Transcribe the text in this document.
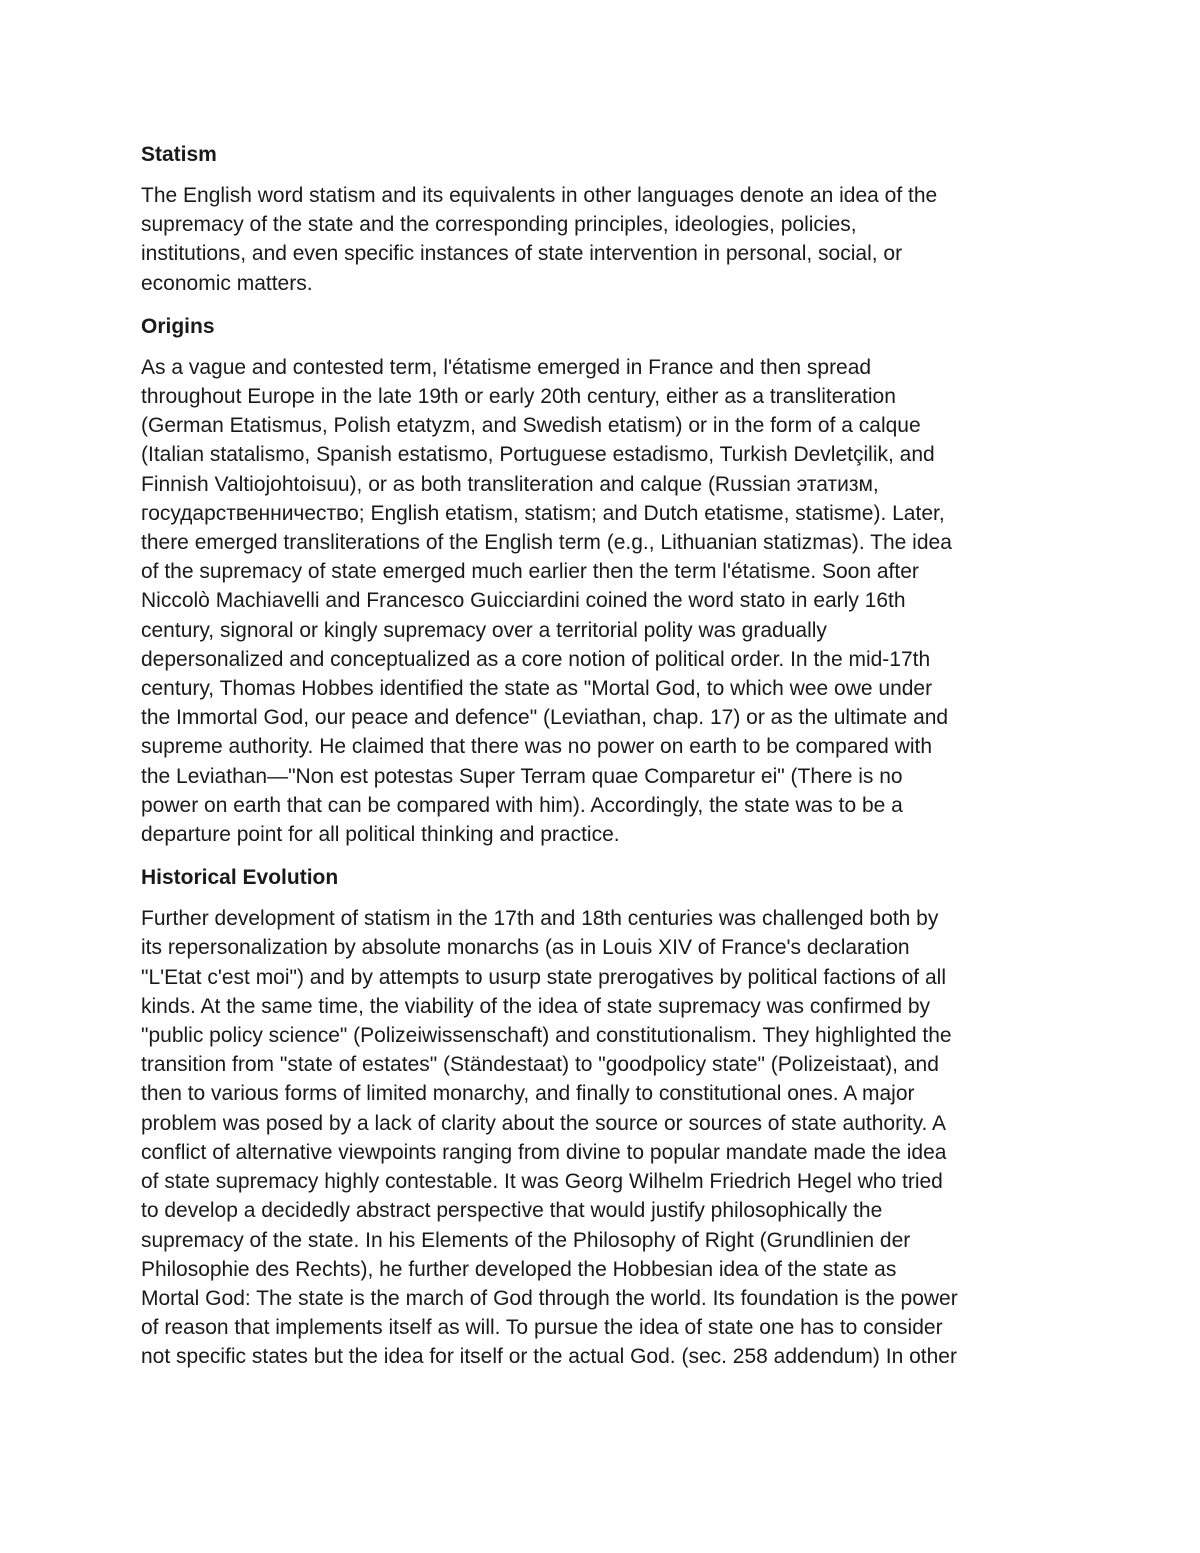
Statism

The English word statism and its equivalents in other languages denote an idea of the
supremacy of the state and the corresponding principles, ideologies, policies,
institutions, and even specific instances of state intervention in personal, social, or
economic matters.

Origins

As a vague and contested term, l'étatisme emerged in France and then spread
throughout Europe in the late 19th or early 20th century, either as a transliteration
(German Etatismus, Polish etatyzm, and Swedish etatism) or in the form of a calque
(Italian statalismo, Spanish estatismo, Portuguese estadismo, Turkish Devletçilik, and
Finnish Valtiojohtoisuu), or as both transliteration and calque (Russian этатизм,
государственничество; English etatism, statism; and Dutch etatisme, statisme). Later,
there emerged transliterations of the English term (e.g., Lithuanian statizmas). The idea
of the supremacy of state emerged much earlier then the term l'étatisme. Soon after
Niccolò Machiavelli and Francesco Guicciardini coined the word stato in early 16th
century, signoral or kingly supremacy over a territorial polity was gradually
depersonalized and conceptualized as a core notion of political order. In the mid-17th
century, Thomas Hobbes identified the state as "Mortal God, to which wee owe under
the Immortal God, our peace and defence" (Leviathan, chap. 17) or as the ultimate and
supreme authority. He claimed that there was no power on earth to be compared with
the Leviathan—"Non est potestas Super Terram quae Comparetur ei" (There is no
power on earth that can be compared with him). Accordingly, the state was to be a
departure point for all political thinking and practice.

Historical Evolution

Further development of statism in the 17th and 18th centuries was challenged both by
its repersonalization by absolute monarchs (as in Louis XIV of France's declaration
"L'Etat c'est moi") and by attempts to usurp state prerogatives by political factions of all
kinds. At the same time, the viability of the idea of state supremacy was confirmed by
"public policy science" (Polizeiwissenschaft) and constitutionalism. They highlighted the
transition from "state of estates" (Ständestaat) to "goodpolicy state" (Polizeistaat), and
then to various forms of limited monarchy, and finally to constitutional ones. A major
problem was posed by a lack of clarity about the source or sources of state authority. A
conflict of alternative viewpoints ranging from divine to popular mandate made the idea
of state supremacy highly contestable. It was Georg Wilhelm Friedrich Hegel who tried
to develop a decidedly abstract perspective that would justify philosophically the
supremacy of the state. In his Elements of the Philosophy of Right (Grundlinien der
Philosophie des Rechts), he further developed the Hobbesian idea of the state as
Mortal God: The state is the march of God through the world. Its foundation is the power
of reason that implements itself as will. To pursue the idea of state one has to consider
not specific states but the idea for itself or the actual God. (sec. 258 addendum) In other
